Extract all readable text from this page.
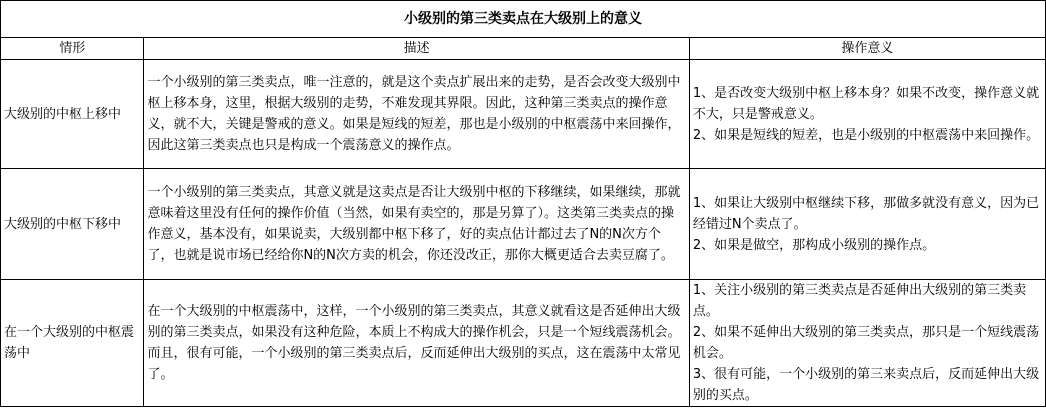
小级别的第三类卖点在大级别上的意义		
情形	描述	操作意义
大级别的中枢上移中	一个小级别的第三类卖点，唯一注意的，就是这个卖点扩展出来的走势，是否会改变大级别中枢上移本身，这里，根据大级别的走势，不难发现其界限。因此，这种第三类卖点的操作意义，就不大，关键是警戒的意义。如果是短线的短差，那也是小级别的中枢震荡中来回操作，因此这第三类卖点也只是构成一个震荡意义的操作点。	1、是否改变大级别中枢上移本身？如果不改变，操作意义就不大，只是警戒意义。
2、如果是短线的短差，也是小级别的中枢震荡中来回操作。

大级别的中枢下移中	一个小级别的第三类卖点，其意义就是这卖点是否让大级别中枢的下移继续，如果继续，那就意味着这里没有任何的操作价值（当然，如果有卖空的，那是另算了）。这类第三类卖点的操作意义，基本没有，如果说卖，大级别都中枢下移了，好的卖点估计都过去了N的N次方个了，也就是说市场已经给你N的N次方卖的机会，你还没改正，那你大概更适合去卖豆腐了。	1、如果让大级别中枢继续下移，那做多就没有意义，因为已经错过N个卖点了。
2、如果是做空，那构成小级别的操作点。

在一个大级别的中枢震荡中	在一个大级别的中枢震荡中，这样，一个小级别的第三类卖点，其意义就看这是否延伸出大级别的第三类卖点，如果没有这种危险，本质上不构成大的操作机会，只是一个短线震荡机会。而且，很有可能，一个小级别的第三类卖点后，反而延伸出大级别的买点，这在震荡中太常见了。	1、关注小级别的第三类卖点是否延伸出大级别的第三类卖点。
2、如果不延伸出大级别的第三类卖点，那只是一个短线震荡机会。
3、很有可能，一个小级别的第三来卖点后，反而延伸出大级别的买点。
